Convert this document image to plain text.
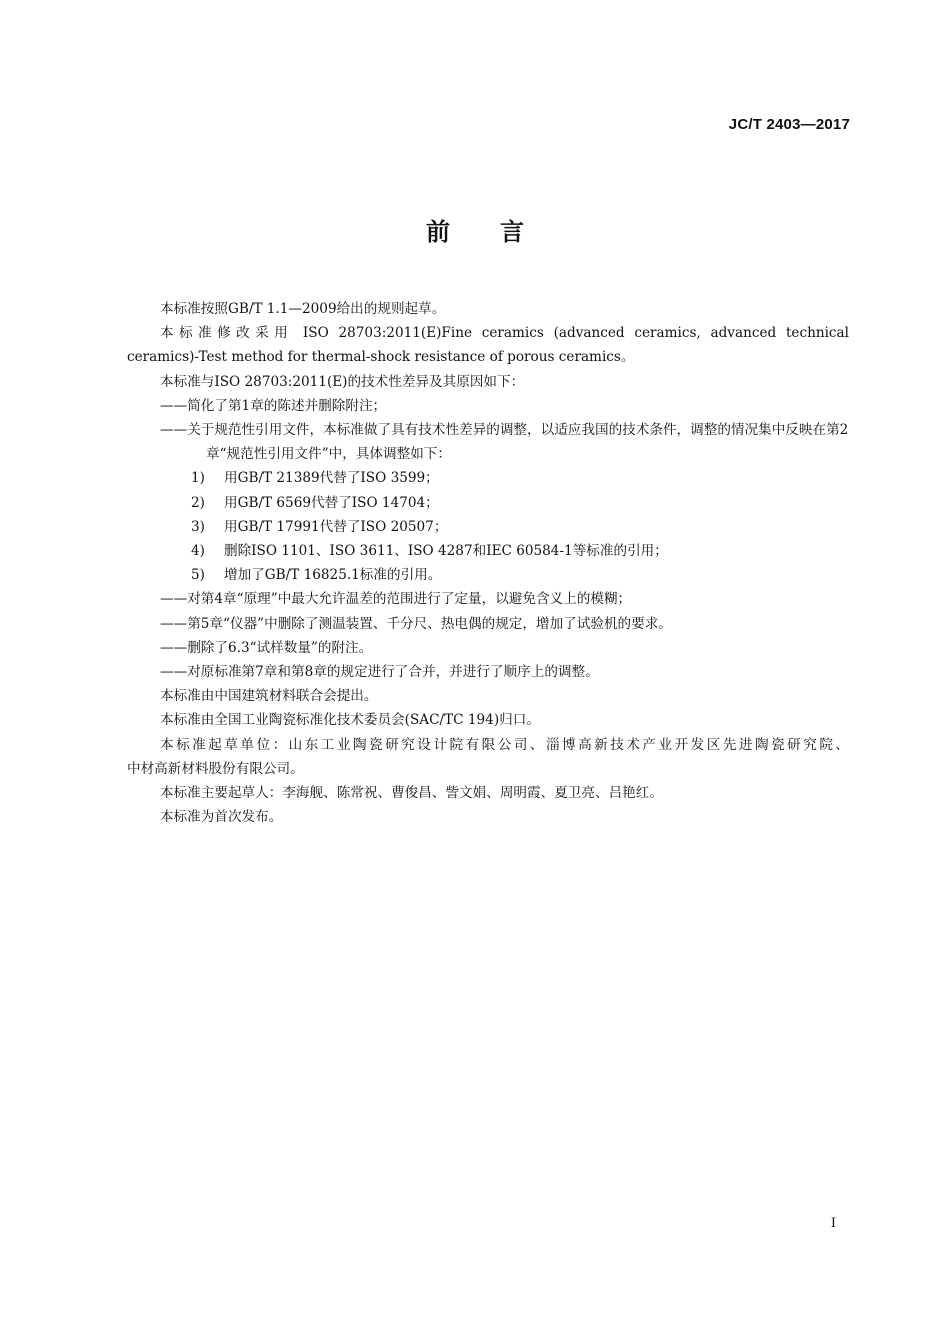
JC/T 2403—2017
前言

本标准按照GB/T 1.1—2009给出的规则起草。

本标准修改采用 ISO 28703:2011(E)Fine ceramics (advanced ceramics, advanced technical

ceramics)-Test method for thermal-shock resistance of porous ceramics。

本标准与ISO 28703:2011(E)的技术性差异及其原因如下：

——简化了第1章的陈述并删除附注；

——关于规范性引用文件，本标准做了具有技术性差异的调整，以适应我国的技术条件，调整的情况集中反映在第2章“规范性引用文件”中，具体调整如下：

1)	用GB/T 21389代替了ISO 3599；

2)	用GB/T 6569代替了ISO 14704；

3)	用GB/T 17991代替了ISO 20507；

4)	删除ISO 1101、ISO 3611、ISO 4287和IEC 60584-1等标准的引用；

5)	增加了GB/T 16825.1标准的引用。

——对第4章“原理”中最大允许温差的范围进行了定量，以避免含义上的模糊；

——第5章“仪器”中删除了测温装置、千分尺、热电偶的规定，增加了试验机的要求。

——删除了6.3“试样数量”的附注。

——对原标准第7章和第8章的规定进行了合并，并进行了顺序上的调整。

本标准由中国建筑材料联合会提出。

本标准由全国工业陶瓷标准化技术委员会(SAC/TC 194)归口。

本标准起草单位：山东工业陶瓷研究设计院有限公司、淄博高新技术产业开发区先进陶瓷研究院、

中材高新材料股份有限公司。

本标准主要起草人：李海舰、陈常祝、曹俊昌、訾文娟、周明霞、夏卫亮、吕艳红。

本标准为首次发布。

I
